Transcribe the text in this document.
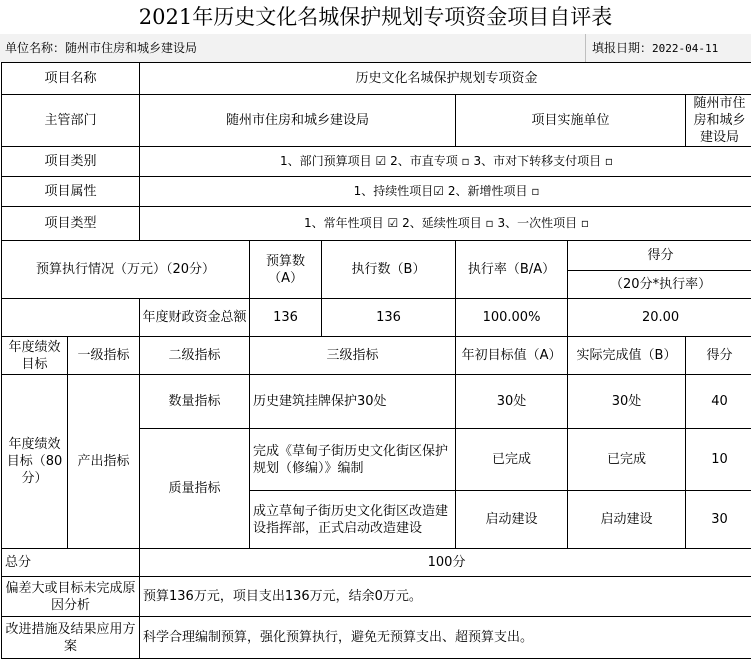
2021年历史文化名城保护规划专项资金项目自评表
单位名称：随州市住房和城乡建设局	填报日期：2022-04-11
项目名称		历史文化名城保护规划专项资金					
主管部门		随州市住房和城乡建设局			项目实施单位		随州市住房和城乡建设局
项目类别		1、部门预算项目 ☑ 2、市直专项 ▫ 3、市对下转移支付项目 ▫					
项目属性		1、持续性项目☑ 2、新增性项目 ▫					
项目类型		1、常年性项目 ☑ 2、延续性项目 ▫ 3、一次性项目 ▫					
预算执行情况（万元）（20分）			预算数（A）	执行数（B）	执行率（B/A）	得分	
						（20分*执行率）	
		年度财政资金总额	136	136	100.00%	20.00	
年度绩效目标	一级指标	二级指标	三级指标		年初目标值（A）	实际完成值（B）	得分
年度绩效目标（80分）	产出指标	数量指标	历史建筑挂牌保护30处		30处	30处	40
		质量指标	完成《草甸子街历史文化街区保护规划（修编）》编制		已完成	已完成	10
			成立草甸子街历史文化街区改造建设指挥部，正式启动改造建设		启动建设	启动建设	30
总分		100分					
偏差大或目标未完成原因分析		预算136万元，项目支出136万元，结余0万元。					
改进措施及结果应用方案		科学合理编制预算，强化预算执行，避免无预算支出、超预算支出。					
